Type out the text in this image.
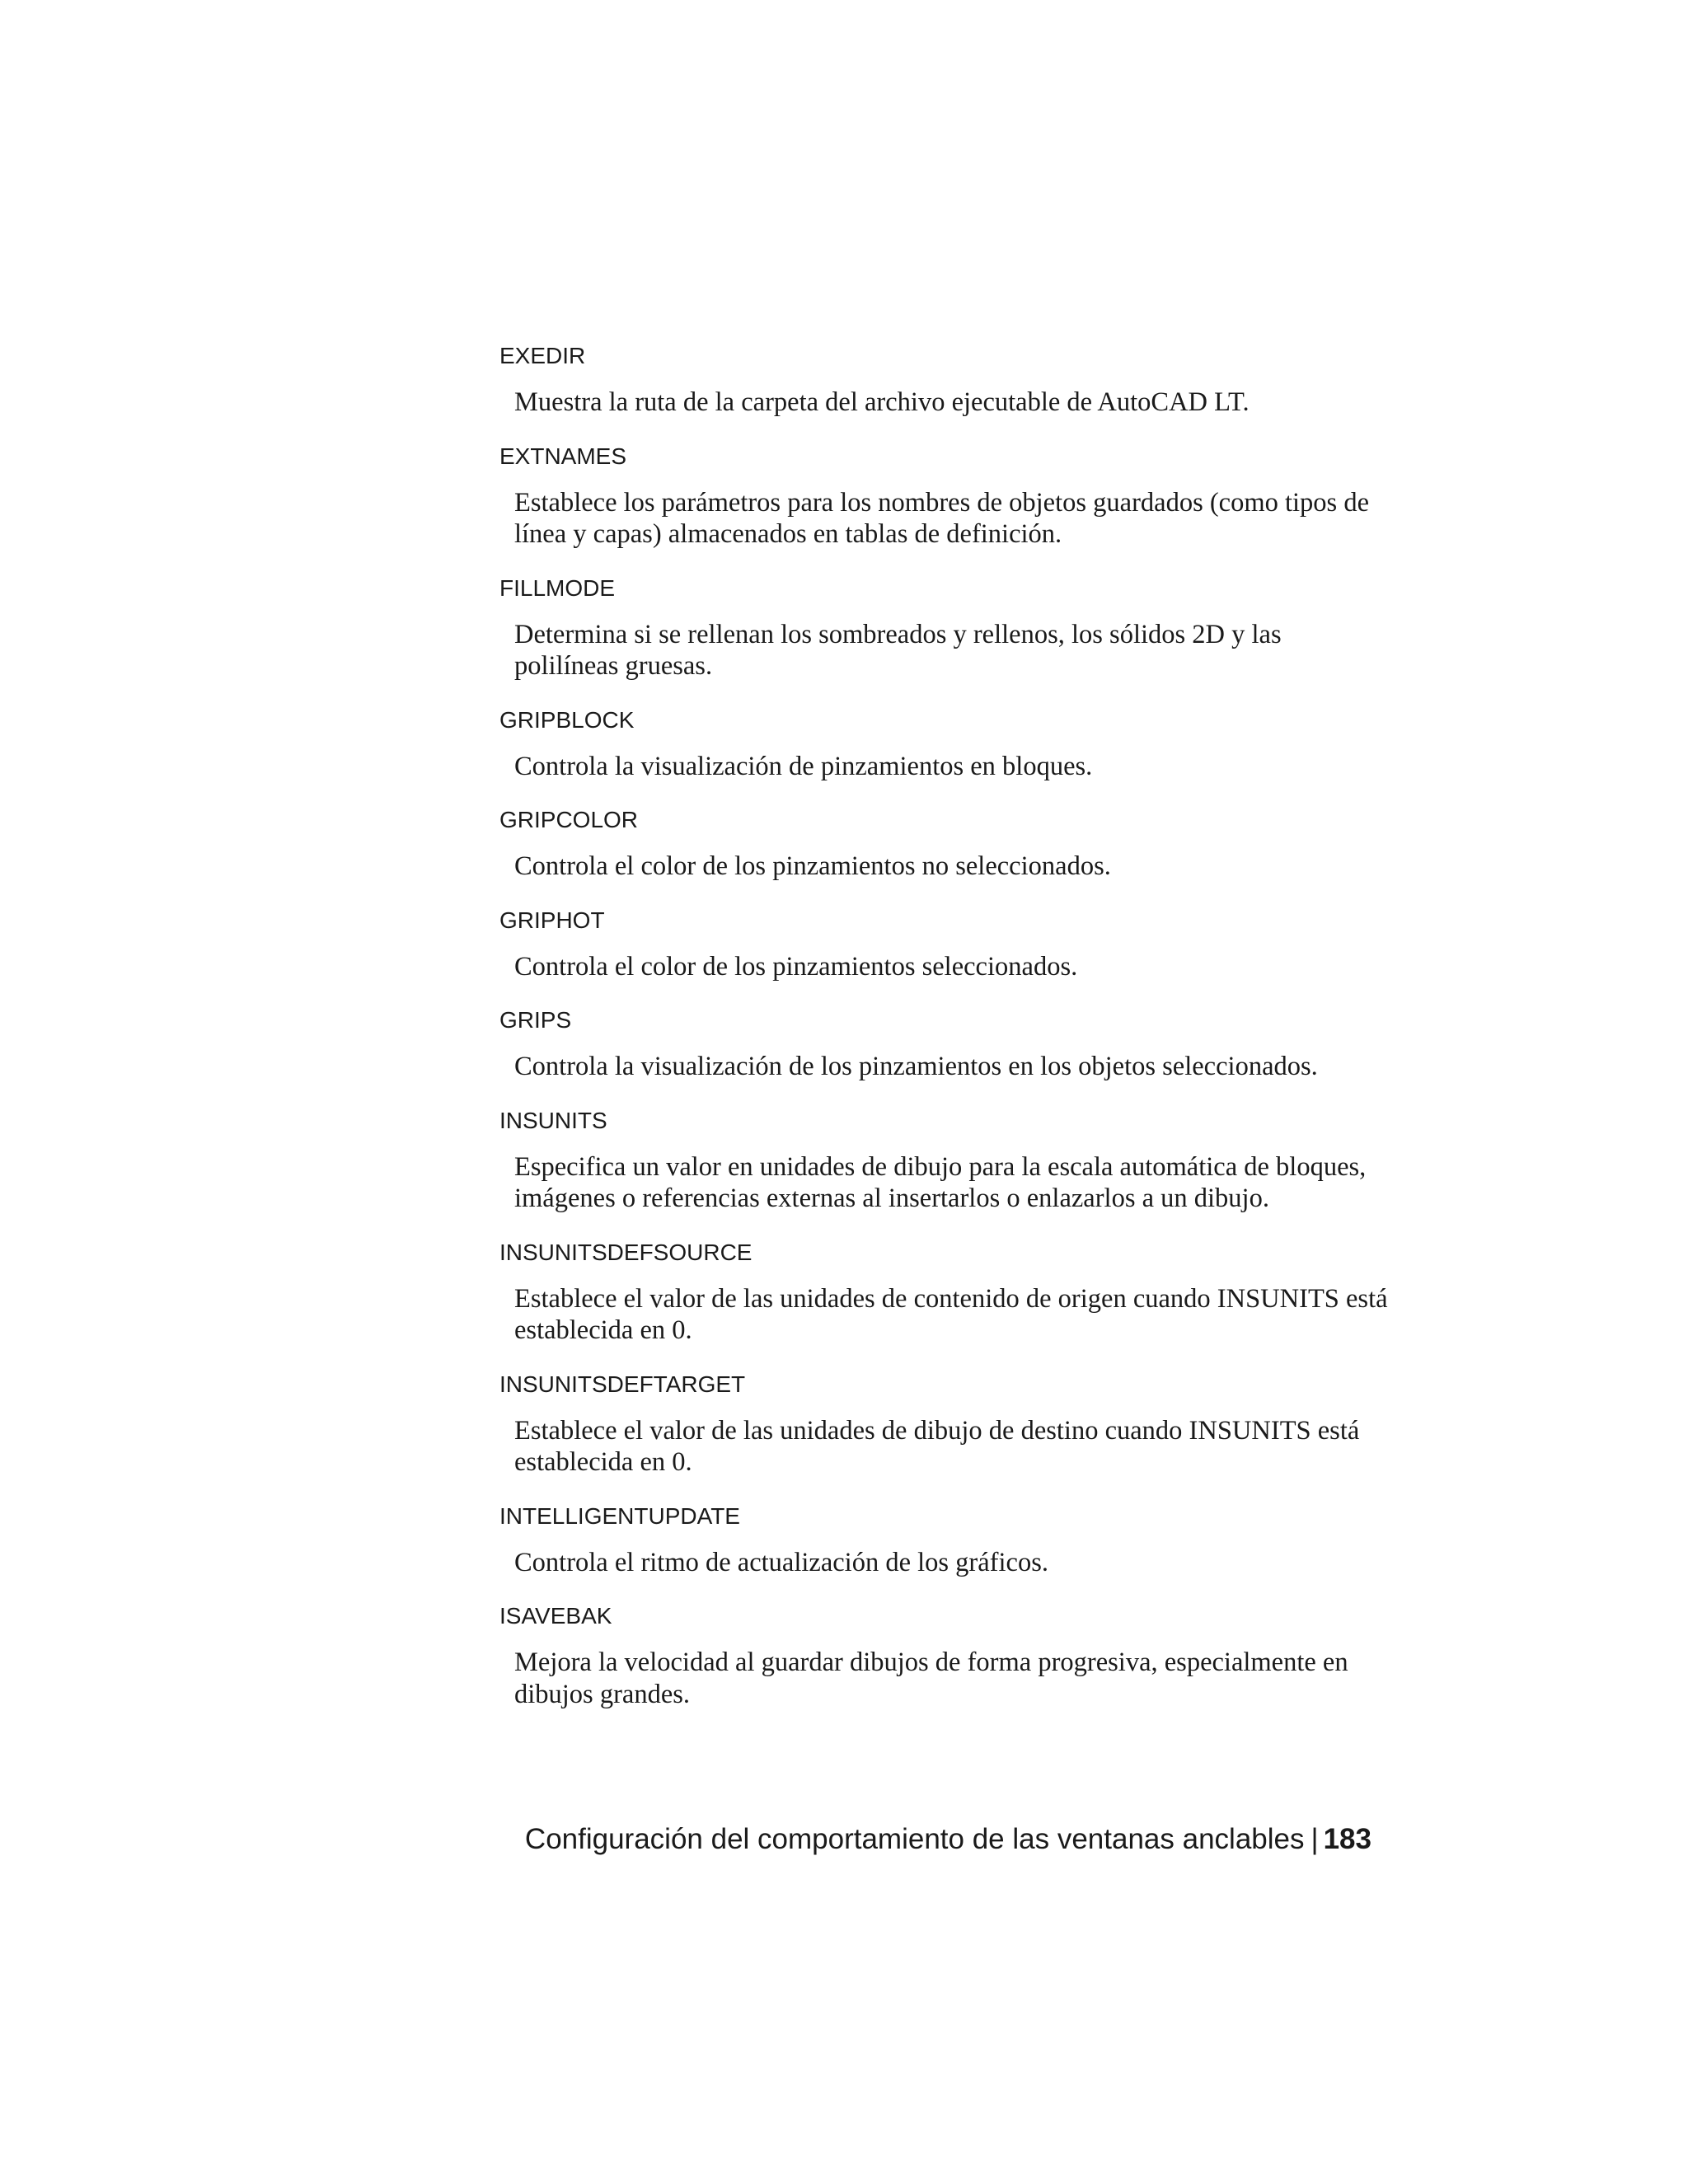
EXEDIR

Muestra la ruta de la carpeta del archivo ejecutable de AutoCAD LT.

EXTNAMES

Establece los parámetros para los nombres de objetos guardados (como tipos de línea y capas) almacenados en tablas de definición.

FILLMODE

Determina si se rellenan los sombreados y rellenos, los sólidos 2D y las polilíneas gruesas.

GRIPBLOCK

Controla la visualización de pinzamientos en bloques.

GRIPCOLOR

Controla el color de los pinzamientos no seleccionados.

GRIPHOT

Controla el color de los pinzamientos seleccionados.

GRIPS

Controla la visualización de los pinzamientos en los objetos seleccionados.

INSUNITS

Especifica un valor en unidades de dibujo para la escala automática de bloques, imágenes o referencias externas al insertarlos o enlazarlos a un dibujo.

INSUNITSDEFSOURCE

Establece el valor de las unidades de contenido de origen cuando INSUNITS está establecida en 0.

INSUNITSDEFTARGET

Establece el valor de las unidades de dibujo de destino cuando INSUNITS está establecida en 0.

INTELLIGENTUPDATE

Controla el ritmo de actualización de los gráficos.

ISAVEBAK

Mejora la velocidad al guardar dibujos de forma progresiva, especialmente en dibujos grandes.

Configuración del comportamiento de las ventanas anclables | 183
